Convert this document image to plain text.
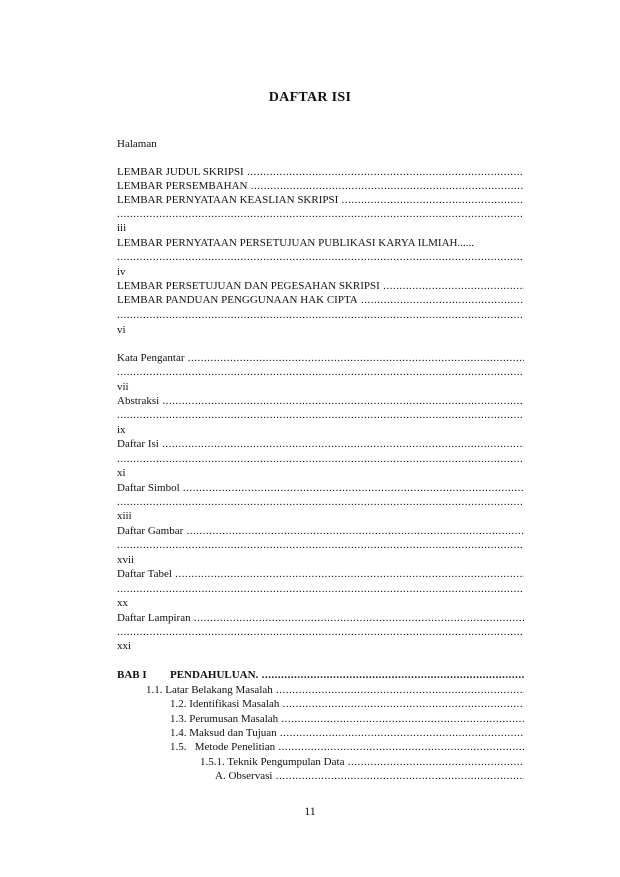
DAFTAR ISI
Halaman
LEMBAR JUDUL SKRIPSI .....
LEMBAR PERSEMBAHAN .....
LEMBAR PERNYATAAN KEASLIAN SKRIPSI .....
.....
iii
LEMBAR PERNYATAAN PERSETUJUAN PUBLIKASI KARYA ILMIAH......
.....
iv
LEMBAR PERSETUJUAN DAN PEGESAHAN SKRIPSI .....
LEMBAR PANDUAN PENGGUNAAN HAK CIPTA .....
.....
vi
Kata Pengantar .....
.....
vii
Abstraksi .....
.....
ix
Daftar Isi .....
.....
xi
Daftar Simbol .....
.....
xiii
Daftar Gambar .....
.....
xvii
Daftar Tabel .....
.....
xx
Daftar Lampiran .....
.....
xxi
BAB I PENDAHULUAN. .....
1.1. Latar Belakang Masalah .....
1.2. Identifikasi Masalah .....
1.3. Perumusan Masalah .....
1.4. Maksud dan Tujuan .....
1.5.   Metode Penelitian .....
1.5.1. Teknik Pengumpulan Data .....
A. Observasi .....
11
